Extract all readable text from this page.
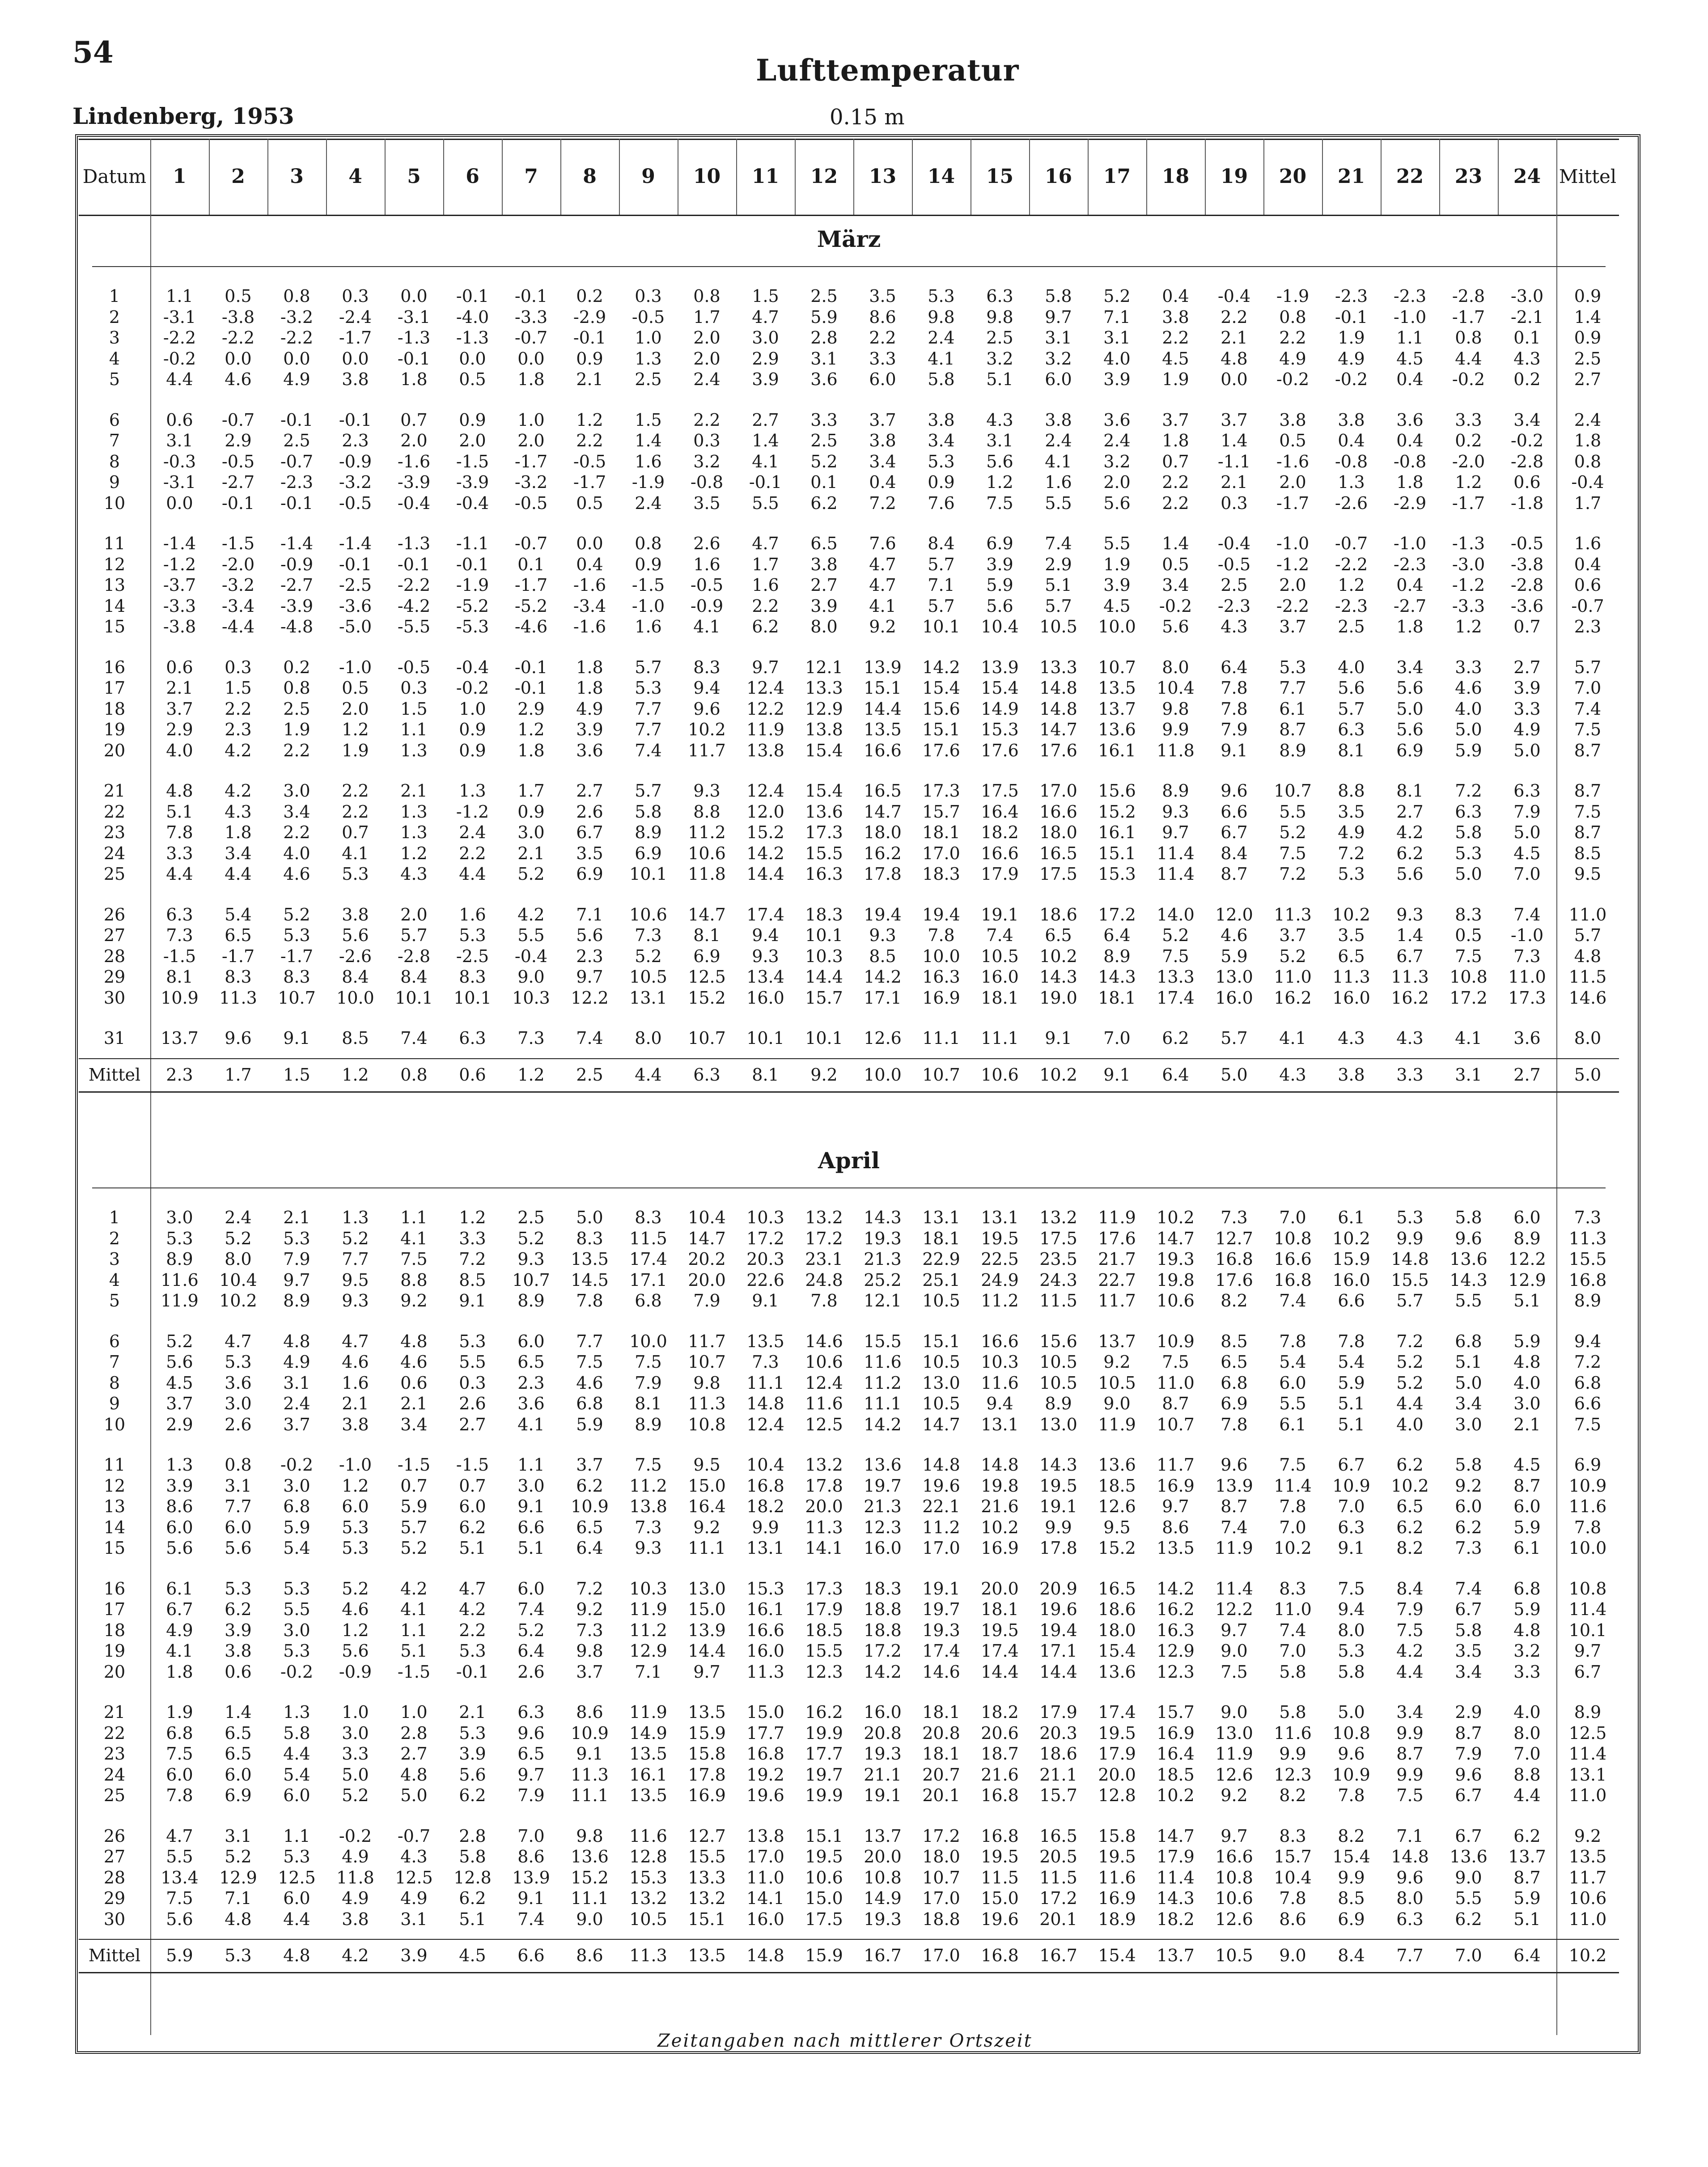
54
Lufttemperatur
Lindenberg, 1953	0.15 m
Datum	1	2	3	4	5	6	7	8	9	10	11	12	13	14	15	16	17	18	19	20	21	22	23	24 Mittel
März
1	1.1	0.5	0.8	0.3	0.0	-0.1	-0.1	0.2	0.3	0.8	1.5	2.5	3.5	5.3	6.3	5.8	5.2	0.4	-0.4	-1.9	-2.3	-2.3	-2.8	-3.0	0.9
2	-3.1	-3.8	-3.2	-2.4	-3.1	-4.0	-3.3	-2.9	-0.5	1.7	4.7	5.9	8.6	9.8	9.8	9.7	7.1	3.8	2.2	0.8	-0.1	-1.0	-1.7	-2.1	1.4
3	-2.2	-2.2	-2.2	-1.7	-1.3	-1.3	-0.7	-0.1	1.0	2.0	3.0	2.8	2.2	2.4	2.5	3.1	3.1	2.2	2.1	2.2	1.9	1.1	0.8	0.1	0.9
4	-0.2	0.0	0.0	0.0	-0.1	0.0	0.0	0.9	1.3	2.0	2.9	3.1	3.3	4.1	3.2	3.2	4.0	4.5	4.8	4.9	4.9	4.5	4.4	4.3	2.5
5	4.4	4.6	4.9	3.8	1.8	0.5	1.8	2.1	2.5	2.4	3.9	3.6	6.0	5.8	5.1	6.0	3.9	1.9	0.0	-0.2	-0.2	0.4	-0.2	0.2	2.7
6	0.6	-0.7	-0.1	-0.1	0.7	0.9	1.0	1.2	1.5	2.2	2.7	3.3	3.7	3.8	4.3	3.8	3.6	3.7	3.7	3.8	3.8	3.6	3.3	3.4	2.4
7	3.1	2.9	2.5	2.3	2.0	2.0	2.0	2.2	1.4	0.3	1.4	2.5	3.8	3.4	3.1	2.4	2.4	1.8	1.4	0.5	0.4	0.4	0.2	-0.2	1.8
8	-0.3	-0.5	-0.7	-0.9	-1.6	-1.5	-1.7	-0.5	1.6	3.2	4.1	5.2	3.4	5.3	5.6	4.1	3.2	0.7	-1.1	-1.6	-0.8	-0.8	-2.0	-2.8	0.8
9	-3.1	-2.7	-2.3	-3.2	-3.9	-3.9	-3.2	-1.7	-1.9	-0.8	-0.1	0.1	0.4	0.9	1.2	1.6	2.0	2.2	2.1	2.0	1.3	1.8	1.2	0.6	-0.4
10	0.0	-0.1	-0.1	-0.5	-0.4	-0.4	-0.5	0.5	2.4	3.5	5.5	6.2	7.2	7.6	7.5	5.5	5.6	2.2	0.3	-1.7	-2.6	-2.9	-1.7	-1.8	1.7
11	-1.4	-1.5	-1.4	-1.4	-1.3	-1.1	-0.7	0.0	0.8	2.6	4.7	6.5	7.6	8.4	6.9	7.4	5.5	1.4	-0.4	-1.0	-0.7	-1.0	-1.3	-0.5	1.6
12	-1.2	-2.0	-0.9	-0.1	-0.1	-0.1	0.1	0.4	0.9	1.6	1.7	3.8	4.7	5.7	3.9	2.9	1.9	0.5	-0.5	-1.2	-2.2	-2.3	-3.0	-3.8	0.4
13	-3.7	-3.2	-2.7	-2.5	-2.2	-1.9	-1.7	-1.6	-1.5	-0.5	1.6	2.7	4.7	7.1	5.9	5.1	3.9	3.4	2.5	2.0	1.2	0.4	-1.2	-2.8	0.6
14	-3.3	-3.4	-3.9	-3.6	-4.2	-5.2	-5.2	-3.4	-1.0	-0.9	2.2	3.9	4.1	5.7	5.6	5.7	4.5	-0.2	-2.3	-2.2	-2.3	-2.7	-3.3	-3.6	-0.7
15	-3.8	-4.4	-4.8	-5.0	-5.5	-5.3	-4.6	-1.6	1.6	4.1	6.2	8.0	9.2	10.1	10.4	10.5	10.0	5.6	4.3	3.7	2.5	1.8	1.2	0.7	2.3
16	0.6	0.3	0.2	-1.0	-0.5	-0.4	-0.1	1.8	5.7	8.3	9.7	12.1	13.9	14.2	13.9	13.3	10.7	8.0	6.4	5.3	4.0	3.4	3.3	2.7	5.7
17	2.1	1.5	0.8	0.5	0.3	-0.2	-0.1	1.8	5.3	9.4	12.4	13.3	15.1	15.4	15.4	14.8	13.5	10.4	7.8	7.7	5.6	5.6	4.6	3.9	7.0
18	3.7	2.2	2.5	2.0	1.5	1.0	2.9	4.9	7.7	9.6	12.2	12.9	14.4	15.6	14.9	14.8	13.7	9.8	7.8	6.1	5.7	5.0	4.0	3.3	7.4
19	2.9	2.3	1.9	1.2	1.1	0.9	1.2	3.9	7.7	10.2	11.9	13.8	13.5	15.1	15.3	14.7	13.6	9.9	7.9	8.7	6.3	5.6	5.0	4.9	7.5
20	4.0	4.2	2.2	1.9	1.3	0.9	1.8	3.6	7.4	11.7	13.8	15.4	16.6	17.6	17.6	17.6	16.1	11.8	9.1	8.9	8.1	6.9	5.9	5.0	8.7
21	4.8	4.2	3.0	2.2	2.1	1.3	1.7	2.7	5.7	9.3	12.4	15.4	16.5	17.3	17.5	17.0	15.6	8.9	9.6	10.7	8.8	8.1	7.2	6.3	8.7
22	5.1	4.3	3.4	2.2	1.3	-1.2	0.9	2.6	5.8	8.8	12.0	13.6	14.7	15.7	16.4	16.6	15.2	9.3	6.6	5.5	3.5	2.7	6.3	7.9	7.5
23	7.8	1.8	2.2	0.7	1.3	2.4	3.0	6.7	8.9	11.2	15.2	17.3	18.0	18.1	18.2	18.0	16.1	9.7	6.7	5.2	4.9	4.2	5.8	5.0	8.7
24	3.3	3.4	4.0	4.1	1.2	2.2	2.1	3.5	6.9	10.6	14.2	15.5	16.2	17.0	16.6	16.5	15.1	11.4	8.4	7.5	7.2	6.2	5.3	4.5	8.5
25	4.4	4.4	4.6	5.3	4.3	4.4	5.2	6.9	10.1	11.8	14.4	16.3	17.8	18.3	17.9	17.5	15.3	11.4	8.7	7.2	5.3	5.6	5.0	7.0	9.5
26	6.3	5.4	5.2	3.8	2.0	1.6	4.2	7.1	10.6	14.7	17.4	18.3	19.4	19.4	19.1	18.6	17.2	14.0	12.0	11.3	10.2	9.3	8.3	7.4	11.0
27	7.3	6.5	5.3	5.6	5.7	5.3	5.5	5.6	7.3	8.1	9.4	10.1	9.3	7.8	7.4	6.5	6.4	5.2	4.6	3.7	3.5	1.4	0.5	-1.0	5.7
28	-1.5	-1.7	-1.7	-2.6	-2.8	-2.5	-0.4	2.3	5.2	6.9	9.3	10.3	8.5	10.0	10.5	10.2	8.9	7.5	5.9	5.2	6.5	6.7	7.5	7.3	4.8
29	8.1	8.3	8.3	8.4	8.4	8.3	9.0	9.7	10.5	12.5	13.4	14.4	14.2	16.3	16.0	14.3	14.3	13.3	13.0	11.0	11.3	11.3	10.8	11.0	11.5
30	10.9	11.3	10.7	10.0	10.1	10.1	10.3	12.2	13.1	15.2	16.0	15.7	17.1	16.9	18.1	19.0	18.1	17.4	16.0	16.2	16.0	16.2	17.2	17.3	14.6
31	13.7	9.6	9.1	8.5	7.4	6.3	7.3	7.4	8.0	10.7	10.1	10.1	12.6	11.1	11.1	9.1	7.0	6.2	5.7	4.1	4.3	4.3	4.1	3.6	8.0
Mittel	2.3	1.7	1.5	1.2	0.8	0.6	1.2	2.5	4.4	6.3	8.1	9.2	10.0	10.7	10.6	10.2	9.1	6.4	5.0	4.3	3.8	3.3	3.1	2.7	5.0
April
1	3.0	2.4	2.1	1.3	1.1	1.2	2.5	5.0	8.3	10.4	10.3	13.2	14.3	13.1	13.1	13.2	11.9	10.2	7.3	7.0	6.1	5.3	5.8	6.0	7.3
2	5.3	5.2	5.3	5.2	4.1	3.3	5.2	8.3	11.5	14.7	17.2	17.2	19.3	18.1	19.5	17.5	17.6	14.7	12.7	10.8	10.2	9.9	9.6	8.9	11.3
3	8.9	8.0	7.9	7.7	7.5	7.2	9.3	13.5	17.4	20.2	20.3	23.1	21.3	22.9	22.5	23.5	21.7	19.3	16.8	16.6	15.9	14.8	13.6	12.2	15.5
4	11.6	10.4	9.7	9.5	8.8	8.5	10.7	14.5	17.1	20.0	22.6	24.8	25.2	25.1	24.9	24.3	22.7	19.8	17.6	16.8	16.0	15.5	14.3	12.9	16.8
5	11.9	10.2	8.9	9.3	9.2	9.1	8.9	7.8	6.8	7.9	9.1	7.8	12.1	10.5	11.2	11.5	11.7	10.6	8.2	7.4	6.6	5.7	5.5	5.1	8.9
6	5.2	4.7	4.8	4.7	4.8	5.3	6.0	7.7	10.0	11.7	13.5	14.6	15.5	15.1	16.6	15.6	13.7	10.9	8.5	7.8	7.8	7.2	6.8	5.9	9.4
7	5.6	5.3	4.9	4.6	4.6	5.5	6.5	7.5	7.5	10.7	7.3	10.6	11.6	10.5	10.3	10.5	9.2	7.5	6.5	5.4	5.4	5.2	5.1	4.8	7.2
8	4.5	3.6	3.1	1.6	0.6	0.3	2.3	4.6	7.9	9.8	11.1	12.4	11.2	13.0	11.6	10.5	10.5	11.0	6.8	6.0	5.9	5.2	5.0	4.0	6.8
9	3.7	3.0	2.4	2.1	2.1	2.6	3.6	6.8	8.1	11.3	14.8	11.6	11.1	10.5	9.4	8.9	9.0	8.7	6.9	5.5	5.1	4.4	3.4	3.0	6.6
10	2.9	2.6	3.7	3.8	3.4	2.7	4.1	5.9	8.9	10.8	12.4	12.5	14.2	14.7	13.1	13.0	11.9	10.7	7.8	6.1	5.1	4.0	3.0	2.1	7.5
11	1.3	0.8	-0.2	-1.0	-1.5	-1.5	1.1	3.7	7.5	9.5	10.4	13.2	13.6	14.8	14.8	14.3	13.6	11.7	9.6	7.5	6.7	6.2	5.8	4.5	6.9
12	3.9	3.1	3.0	1.2	0.7	0.7	3.0	6.2	11.2	15.0	16.8	17.8	19.7	19.6	19.8	19.5	18.5	16.9	13.9	11.4	10.9	10.2	9.2	8.7	10.9
13	8.6	7.7	6.8	6.0	5.9	6.0	9.1	10.9	13.8	16.4	18.2	20.0	21.3	22.1	21.6	19.1	12.6	9.7	8.7	7.8	7.0	6.5	6.0	6.0	11.6
14	6.0	6.0	5.9	5.3	5.7	6.2	6.6	6.5	7.3	9.2	9.9	11.3	12.3	11.2	10.2	9.9	9.5	8.6	7.4	7.0	6.3	6.2	6.2	5.9	7.8
15	5.6	5.6	5.4	5.3	5.2	5.1	5.1	6.4	9.3	11.1	13.1	14.1	16.0	17.0	16.9	17.8	15.2	13.5	11.9	10.2	9.1	8.2	7.3	6.1	10.0
16	6.1	5.3	5.3	5.2	4.2	4.7	6.0	7.2	10.3	13.0	15.3	17.3	18.3	19.1	20.0	20.9	16.5	14.2	11.4	8.3	7.5	8.4	7.4	6.8	10.8
17	6.7	6.2	5.5	4.6	4.1	4.2	7.4	9.2	11.9	15.0	16.1	17.9	18.8	19.7	18.1	19.6	18.6	16.2	12.2	11.0	9.4	7.9	6.7	5.9	11.4
18	4.9	3.9	3.0	1.2	1.1	2.2	5.2	7.3	11.2	13.9	16.6	18.5	18.8	19.3	19.5	19.4	18.0	16.3	9.7	7.4	8.0	7.5	5.8	4.8	10.1
19	4.1	3.8	5.3	5.6	5.1	5.3	6.4	9.8	12.9	14.4	16.0	15.5	17.2	17.4	17.4	17.1	15.4	12.9	9.0	7.0	5.3	4.2	3.5	3.2	9.7
20	1.8	0.6	-0.2	-0.9	-1.5	-0.1	2.6	3.7	7.1	9.7	11.3	12.3	14.2	14.6	14.4	14.4	13.6	12.3	7.5	5.8	5.8	4.4	3.4	3.3	6.7
21	1.9	1.4	1.3	1.0	1.0	2.1	6.3	8.6	11.9	13.5	15.0	16.2	16.0	18.1	18.2	17.9	17.4	15.7	9.0	5.8	5.0	3.4	2.9	4.0	8.9
22	6.8	6.5	5.8	3.0	2.8	5.3	9.6	10.9	14.9	15.9	17.7	19.9	20.8	20.8	20.6	20.3	19.5	16.9	13.0	11.6	10.8	9.9	8.7	8.0	12.5
23	7.5	6.5	4.4	3.3	2.7	3.9	6.5	9.1	13.5	15.8	16.8	17.7	19.3	18.1	18.7	18.6	17.9	16.4	11.9	9.9	9.6	8.7	7.9	7.0	11.4
24	6.0	6.0	5.4	5.0	4.8	5.6	9.7	11.3	16.1	17.8	19.2	19.7	21.1	20.7	21.6	21.1	20.0	18.5	12.6	12.3	10.9	9.9	9.6	8.8	13.1
25	7.8	6.9	6.0	5.2	5.0	6.2	7.9	11.1	13.5	16.9	19.6	19.9	19.1	20.1	16.8	15.7	12.8	10.2	9.2	8.2	7.8	7.5	6.7	4.4	11.0
26	4.7	3.1	1.1	-0.2	-0.7	2.8	7.0	9.8	11.6	12.7	13.8	15.1	13.7	17.2	16.8	16.5	15.8	14.7	9.7	8.3	8.2	7.1	6.7	6.2	9.2
27	5.5	5.2	5.3	4.9	4.3	5.8	8.6	13.6	12.8	15.5	17.0	19.5	20.0	18.0	19.5	20.5	19.5	17.9	16.6	15.7	15.4	14.8	13.6	13.7	13.5
28	13.4	12.9	12.5	11.8	12.5	12.8	13.9	15.2	15.3	13.3	11.0	10.6	10.8	10.7	11.5	11.5	11.6	11.4	10.8	10.4	9.9	9.6	9.0	8.7	11.7
29	7.5	7.1	6.0	4.9	4.9	6.2	9.1	11.1	13.2	13.2	14.1	15.0	14.9	17.0	15.0	17.2	16.9	14.3	10.6	7.8	8.5	8.0	5.5	5.9	10.6
30	5.6	4.8	4.4	3.8	3.1	5.1	7.4	9.0	10.5	15.1	16.0	17.5	19.3	18.8	19.6	20.1	18.9	18.2	12.6	8.6	6.9	6.3	6.2	5.1	11.0
Mittel	5.9	5.3	4.8	4.2	3.9	4.5	6.6	8.6	11.3	13.5	14.8	15.9	16.7	17.0	16.8	16.7	15.4	13.7	10.5	9.0	8.4	7.7	7.0	6.4	10.2
Zeitangaben nach mittlerer Ortszeit
